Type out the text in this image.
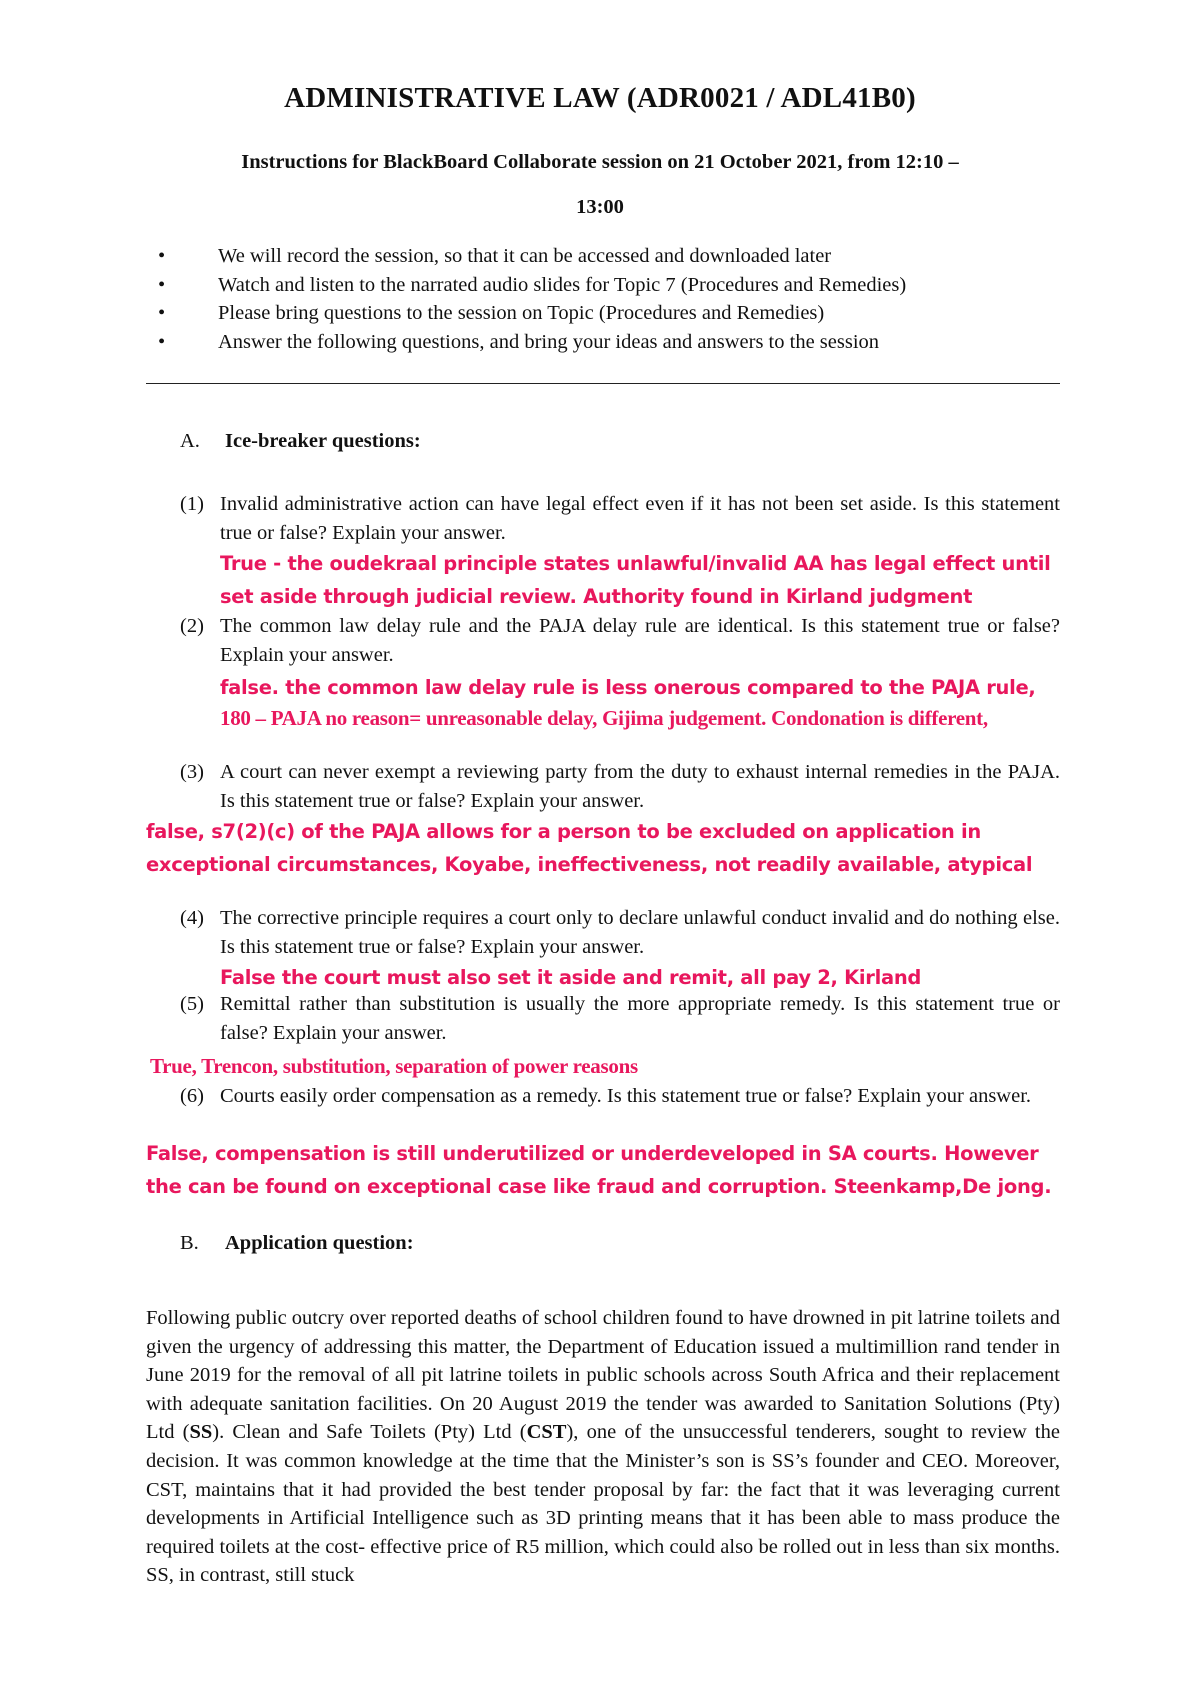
ADMINISTRATIVE LAW (ADR0021 / ADL41B0)
Instructions for BlackBoard Collaborate session on 21 October 2021, from 12:10 –
13:00
•	We will record the session, so that it can be accessed and downloaded later
•	Watch and listen to the narrated audio slides for Topic 7 (Procedures and Remedies)
•	Please bring questions to the session on Topic (Procedures and Remedies)
•	Answer the following questions, and bring your ideas and answers to the session
A. Ice-breaker questions:
(1) Invalid administrative action can have legal effect even if it has not been set aside. Is this statement true or false? Explain your answer.
True - the oudekraal principle states unlawful/invalid AA has legal effect until set aside through judicial review. Authority found in Kirland judgment
(2) The common law delay rule and the PAJA delay rule are identical. Is this statement true or false? Explain your answer.
false. the common law delay rule is less onerous compared to the PAJA rule,
180 – PAJA no reason= unreasonable delay, Gijima judgement. Condonation is different,
(3) A court can never exempt a reviewing party from the duty to exhaust internal remedies in the PAJA. Is this statement true or false? Explain your answer.
false, s7(2)(c) of the PAJA allows for a person to be excluded on application in exceptional circumstances, Koyabe, ineffectiveness, not readily available, atypical
(4) The corrective principle requires a court only to declare unlawful conduct invalid and do nothing else. Is this statement true or false? Explain your answer.
False the court must also set it aside and remit, all pay 2, Kirland
(5) Remittal rather than substitution is usually the more appropriate remedy. Is this statement true or false? Explain your answer.
True, Trencon, substitution, separation of power reasons
(6) Courts easily order compensation as a remedy. Is this statement true or false? Explain your answer.
False, compensation is still underutilized or underdeveloped in SA courts. However the can be found on exceptional case like fraud and corruption. Steenkamp,De jong.
B. Application question:
Following public outcry over reported deaths of school children found to have drowned in pit latrine toilets and given the urgency of addressing this matter, the Department of Education issued a multimillion rand tender in June 2019 for the removal of all pit latrine toilets in public schools across South Africa and their replacement with adequate sanitation facilities. On 20 August 2019 the tender was awarded to Sanitation Solutions (Pty) Ltd (SS). Clean and Safe Toilets (Pty) Ltd (CST), one of the unsuccessful tenderers, sought to review the decision. It was common knowledge at the time that the Minister’s son is SS’s founder and CEO. Moreover, CST, maintains that it had provided the best tender proposal by far: the fact that it was leveraging current developments in Artificial Intelligence such as 3D printing means that it has been able to mass produce the required toilets at the cost- effective price of R5 million, which could also be rolled out in less than six months. SS, in contrast, still stuck
